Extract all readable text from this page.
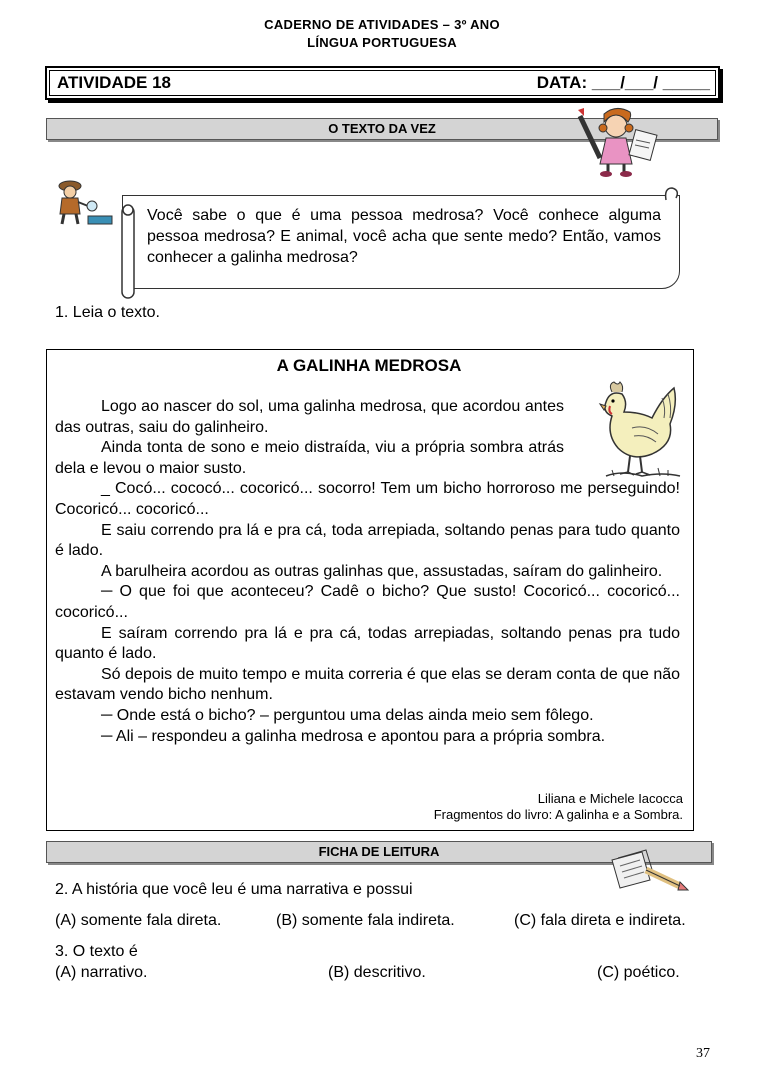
CADERNO DE ATIVIDADES – 3º ANO
LÍNGUA PORTUGUESA
ATIVIDADE 18	DATA: ___/___/ _____
O TEXTO DA VEZ
Você sabe o que é uma pessoa medrosa? Você conhece alguma pessoa medrosa? E animal, você acha que sente medo? Então, vamos conhecer a galinha medrosa?
1. Leia o texto.
A GALINHA MEDROSA

Logo ao nascer do sol, uma galinha medrosa, que acordou antes das outras, saiu do galinheiro.

Ainda tonta de sono e meio distraída, viu a própria sombra atrás dela e levou o maior susto.

_ Cocó... cococó... cocoricó... socorro! Tem um bicho horroroso me perseguindo! Cocoricó... cocoricó...

E saiu correndo pra lá e pra cá, toda arrepiada, soltando penas para tudo quanto é lado.

A barulheira acordou as outras galinhas que, assustadas, saíram do galinheiro.

─ O que foi que aconteceu? Cadê o bicho? Que susto! Cocoricó... cocoricó... cocoricó...

E saíram correndo pra lá e pra cá, todas arrepiadas, soltando penas pra tudo quanto é lado.

Só depois de muito tempo e muita correria é que elas se deram conta de que não estavam vendo bicho nenhum.

─ Onde está o bicho? – perguntou uma delas ainda meio sem fôlego.

─ Ali – respondeu a galinha medrosa e apontou para a própria sombra.

Liliana e Michele Iacocca
Fragmentos do livro: A galinha e a Sombra.
FICHA DE LEITURA
2. A história que você leu é uma narrativa e possui
(A) somente fala direta.	(B) somente fala indireta.	(C) fala direta e indireta.
3. O texto é
(A) narrativo.	(B) descritivo.	(C) poético.
37
